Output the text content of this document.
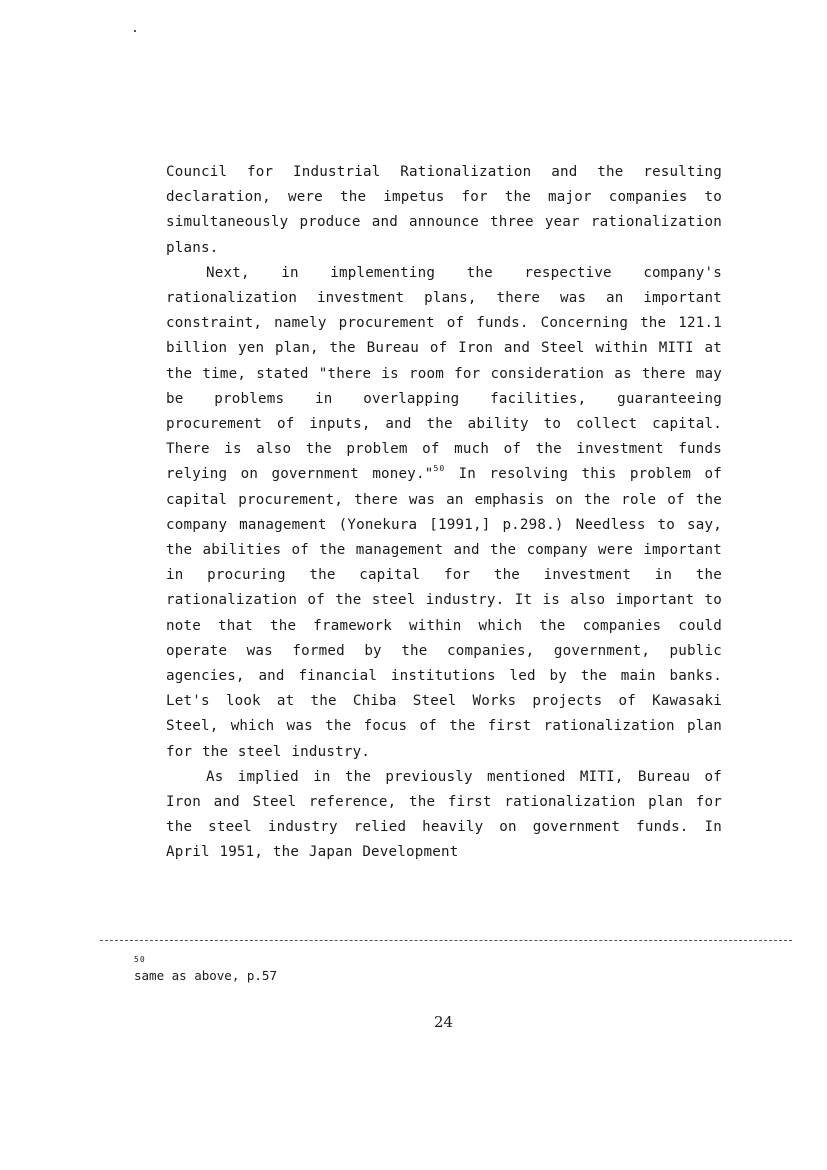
Council for Industrial Rationalization and the resulting declaration, were the impetus for the major companies to simultaneously produce and announce three year rationalization plans.

Next, in implementing the respective company's rationalization investment plans, there was an important constraint, namely procurement of funds. Concerning the 121.1 billion yen plan, the Bureau of Iron and Steel within MITI at the time, stated "there is room for consideration as there may be problems in overlapping facilities, guaranteeing procurement of inputs, and the ability to collect capital. There is also the problem of much of the investment funds relying on government money."$^{50}$ In resolving this problem of capital procurement, there was an emphasis on the role of the company management (Yonekura [1991,] p.298.) Needless to say, the abilities of the management and the company were important in procuring the capital for the investment in the rationalization of the steel industry. It is also important to note that the framework within which the companies could operate was formed by the companies, government, public agencies, and financial institutions led by the main banks. Let's look at the Chiba Steel Works projects of Kawasaki Steel, which was the focus of the first rationalization plan for the steel industry.

As implied in the previously mentioned MITI, Bureau of Iron and Steel reference, the first rationalization plan for the steel industry relied heavily on government funds. In April 1951, the Japan Development

50
same as above, p.57
24
